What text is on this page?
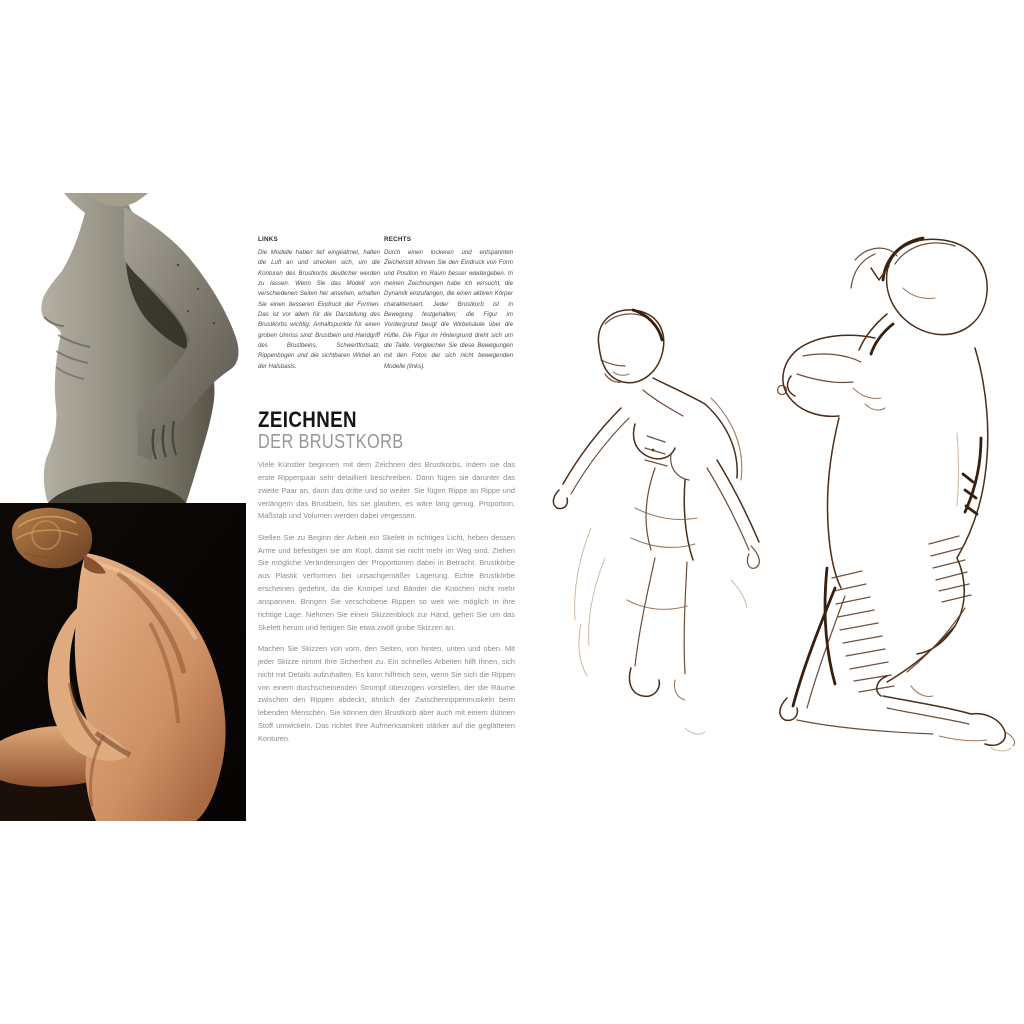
LINKS
Die Modelle haben tief eingeatmet, halten die Luft an und strecken sich, um die Konturen des Brustkorbs deutlicher werden zu lassen. Wenn Sie das Modell von verschiedenen Seiten her ansehen, erhalten Sie einen besseren Eindruck der Formen. Das ist vor allem für die Darstellung des Brustkorbs wichtig. Anhaltspunkte für einen groben Umriss sind: Brustbein und Handgriff des Brustbeins, Schwertfortsatz, Rippenbogen und die sichtbaren Wirbel an der Halsbasis.
RECHTS
Durch einen lockeren und entspannten Zeichenstil können Sie den Eindruck von Form und Position im Raum besser wiedergeben. In meinen Zeichnungen habe ich versucht, die Dynamik einzufangen, die einen aktiven Körper charakterisiert. Jeder Brustkorb ist in Bewegung festgehalten; die Figur im Vordergrund beugt die Wirbelsäule über die Hüfte. Die Figur im Hintergrund dreht sich um die Taille. Vergleichen Sie diese Bewegungen mit den Fotos der sich nicht bewegenden Modelle (links).
ZEICHNEN
DER BRUSTKORB

Viele Künstler beginnen mit dem Zeichnen des Brustkorbs, indem sie das erste Rippenpaar sehr detailliert beschreiben. Dann fügen sie darunter das zweite Paar an, dann das dritte und so weiter. Sie fügen Rippe an Rippe und verlängern das Brustbein, bis sie glauben, es wäre lang genug. Proportion, Maßstab und Volumen werden dabei vergessen.

Stellen Sie zu Beginn der Arbeit ein Skelett in richtiges Licht, heben dessen Arme und befestigen sie am Kopf, damit sie nicht mehr im Weg sind. Ziehen Sie mögliche Veränderungen der Proportionen dabei in Betracht. Brustkörbe aus Plastik verformen bei unsachgemäßer Lagerung. Echte Brustkörbe erscheinen gedehnt, da die Knorpel und Bänder die Knochen nicht mehr anspannen. Bringen Sie verschobene Rippen so weit wie möglich in ihre richtige Lage. Nehmen Sie einen Skizzenblock zur Hand, gehen Sie um das Skelett herum und fertigen Sie etwa zwölf grobe Skizzen an.

Machen Sie Skizzen von vorn, den Seiten, von hinten, unten und oben. Mit jeder Skizze nimmt Ihre Sicherheit zu. Ein schnelles Arbeiten hilft Ihnen, sich nicht mit Details aufzuhalten. Es kann hilfreich sein, wenn Sie sich die Rippen von einem durchscheinenden Strumpf überzogen vorstellen, der die Räume zwischen den Rippen abdeckt, ähnlich der Zwischenrippenmuskeln beim lebenden Menschen. Sie können den Brustkorb aber auch mit einem dünnen Stoff umwickeln. Das richtet Ihre Aufmerksamkeit stärker auf die geglätteten Konturen.
